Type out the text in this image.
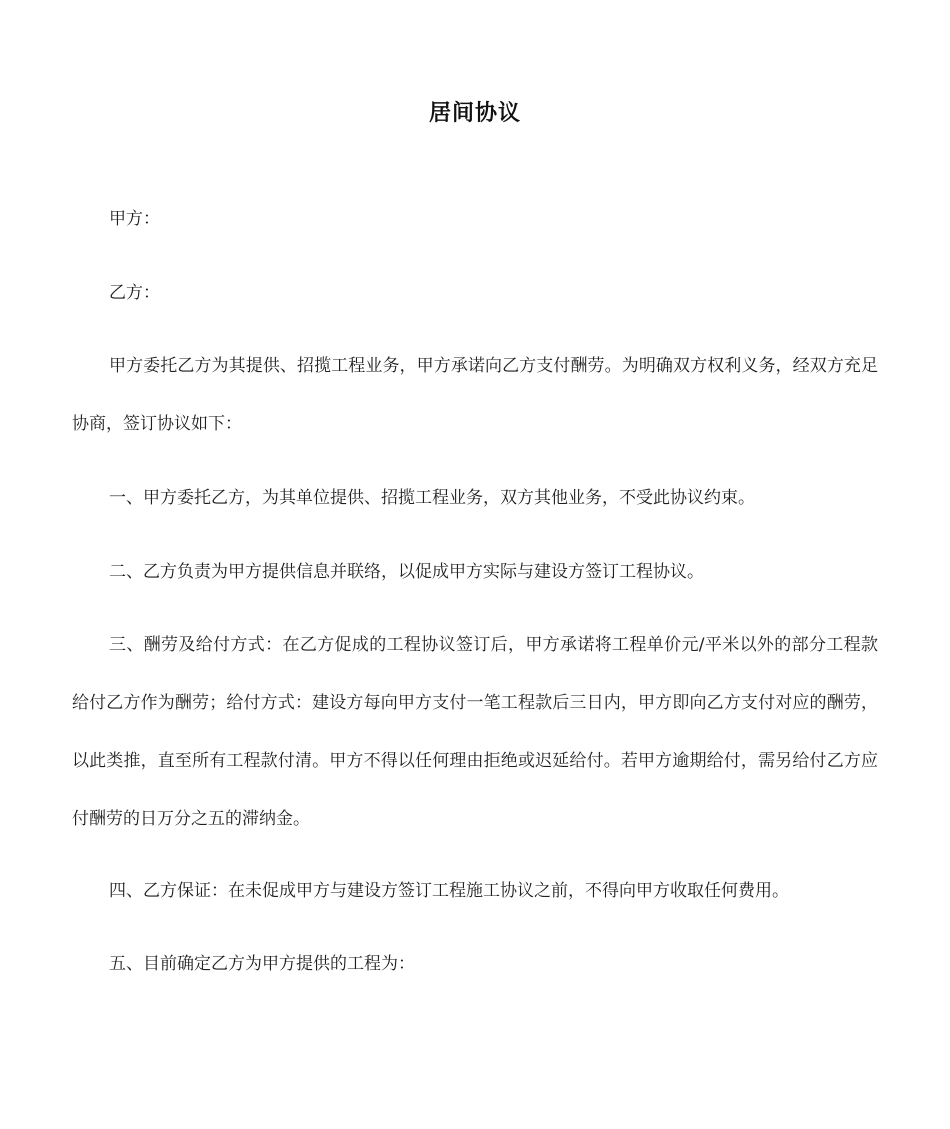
居间协议

甲方：

乙方：

甲方委托乙方为其提供、招揽工程业务，甲方承诺向乙方支付酬劳。为明确双方权利义务，经双方充足协商，签订协议如下：

一、甲方委托乙方，为其单位提供、招揽工程业务，双方其他业务，不受此协议约束。

二、乙方负责为甲方提供信息并联络，以促成甲方实际与建设方签订工程协议。

三、酬劳及给付方式：在乙方促成的工程协议签订后，甲方承诺将工程单价元/平米以外的部分工程款给付乙方作为酬劳；给付方式：建设方每向甲方支付一笔工程款后三日内，甲方即向乙方支付对应的酬劳，以此类推，直至所有工程款付清。甲方不得以任何理由拒绝或迟延给付。若甲方逾期给付，需另给付乙方应付酬劳的日万分之五的滞纳金。

四、乙方保证：在未促成甲方与建设方签订工程施工协议之前，不得向甲方收取任何费用。

五、目前确定乙方为甲方提供的工程为：
